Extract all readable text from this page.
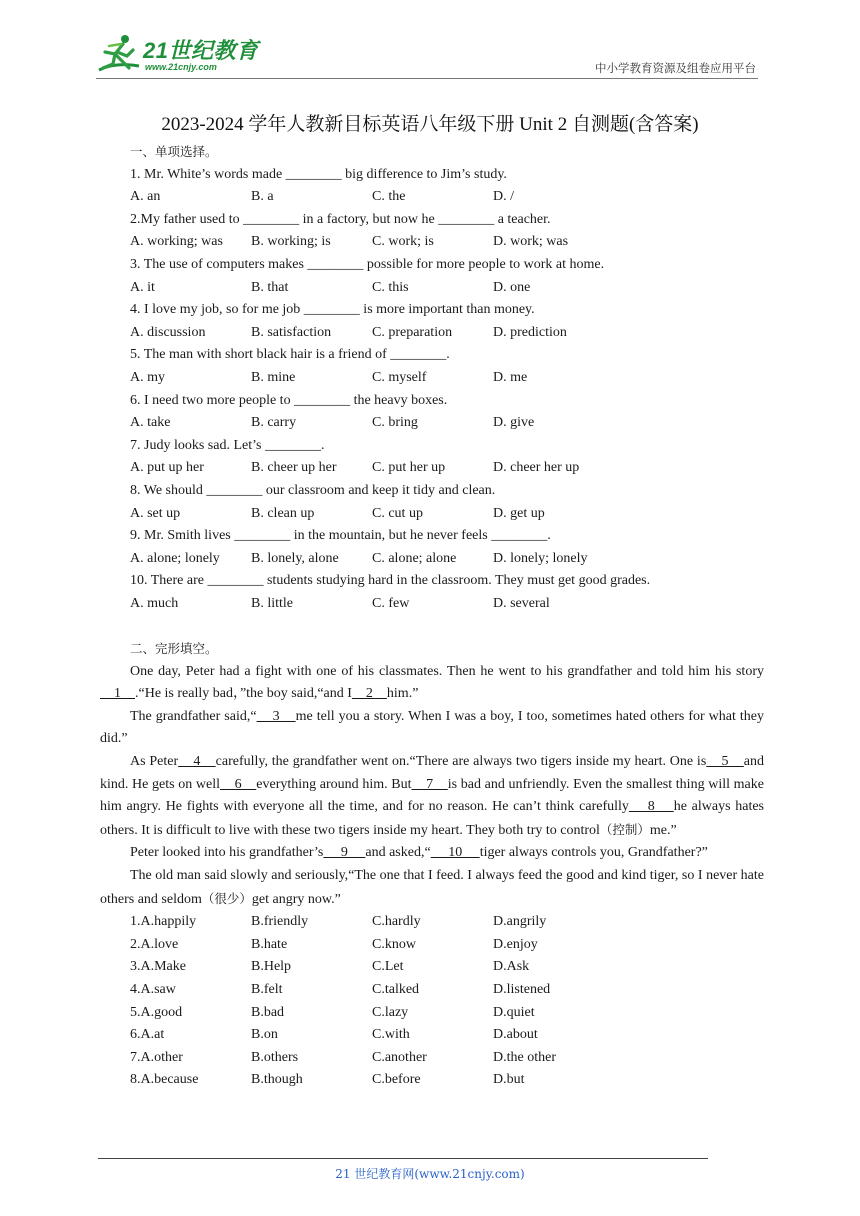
21世纪教育
www.21cnjy.com	中小学教育资源及组卷应用平台
2023-2024 学年人教新目标英语八年级下册 Unit 2 自测题(含答案)
一、单项选择。
1. Mr. White’s words made ________ big difference to Jim’s study.
A. an	B. a	C. the	D. /
2.My father used to ________ in a factory, but now he ________ a teacher.
A. working; was	B. working; is	C. work; is	D. work; was
3. The use of computers makes ________ possible for more people to work at home.
A. it	B. that	C. this	D. one
4. I love my job, so for me job ________ is more important than money.
A. discussion	B. satisfaction	C. preparation	D. prediction
5. The man with short black hair is a friend of ________.
A. my	B. mine	C. myself	D. me
6. I need two more people to ________ the heavy boxes.
A. take	B. carry	C. bring	D. give
7. Judy looks sad. Let’s ________.
A. put up her	B. cheer up her	C. put her up	D. cheer her up
8. We should ________ our classroom and keep it tidy and clean.
A. set up	B. clean up	C. cut up	D. get up
9. Mr. Smith lives ________ in the mountain, but he never feels ________.
A. alone; lonely	B. lonely, alone	C. alone; alone	D. lonely; lonely
10. There are ________ students studying hard in the classroom. They must get good grades.
A. much	B. little	C. few	D. several
二、完形填空。

One day, Peter had a fight with one of his classmates. Then he went to his grandfather and told him his story    1    .“He is really bad，”the boy said,“and I    2    him.”

The grandfather said,“    3    me tell you a story. When I was a boy, I too, sometimes hated others for what they did.”

As Peter    4    carefully, the grandfather went on.“There are always two tigers inside my heart. One is    5    and kind. He gets on well    6    everything around him. But    7    is bad and unfriendly. Even the smallest thing will make him angry. He fights with everyone all the time, and for no reason. He can’t think carefully    8    he always hates others. It is difficult to live with these two tigers inside my heart. They both try to control（控制）me.”

Peter looked into his grandfather’s     9     and asked,“     10     tiger always controls you, Grandfather?”

The old man said slowly and seriously,“The one that I feed. I always feed the good and kind tiger, so I never hate others and seldom（很少）get angry now.”

1.A.happily	B.friendly	C.hardly	D.angrily
2.A.love	B.hate	C.know	D.enjoy
3.A.Make	B.Help	C.Let	D.Ask
4.A.saw	B.felt	C.talked	D.listened
5.A.good	B.bad	C.lazy	D.quiet
6.A.at	B.on	C.with	D.about
7.A.other	B.others	C.another	D.the other
8.A.because	B.though	C.before	D.but
21 世纪教育网(www.21cnjy.com)
